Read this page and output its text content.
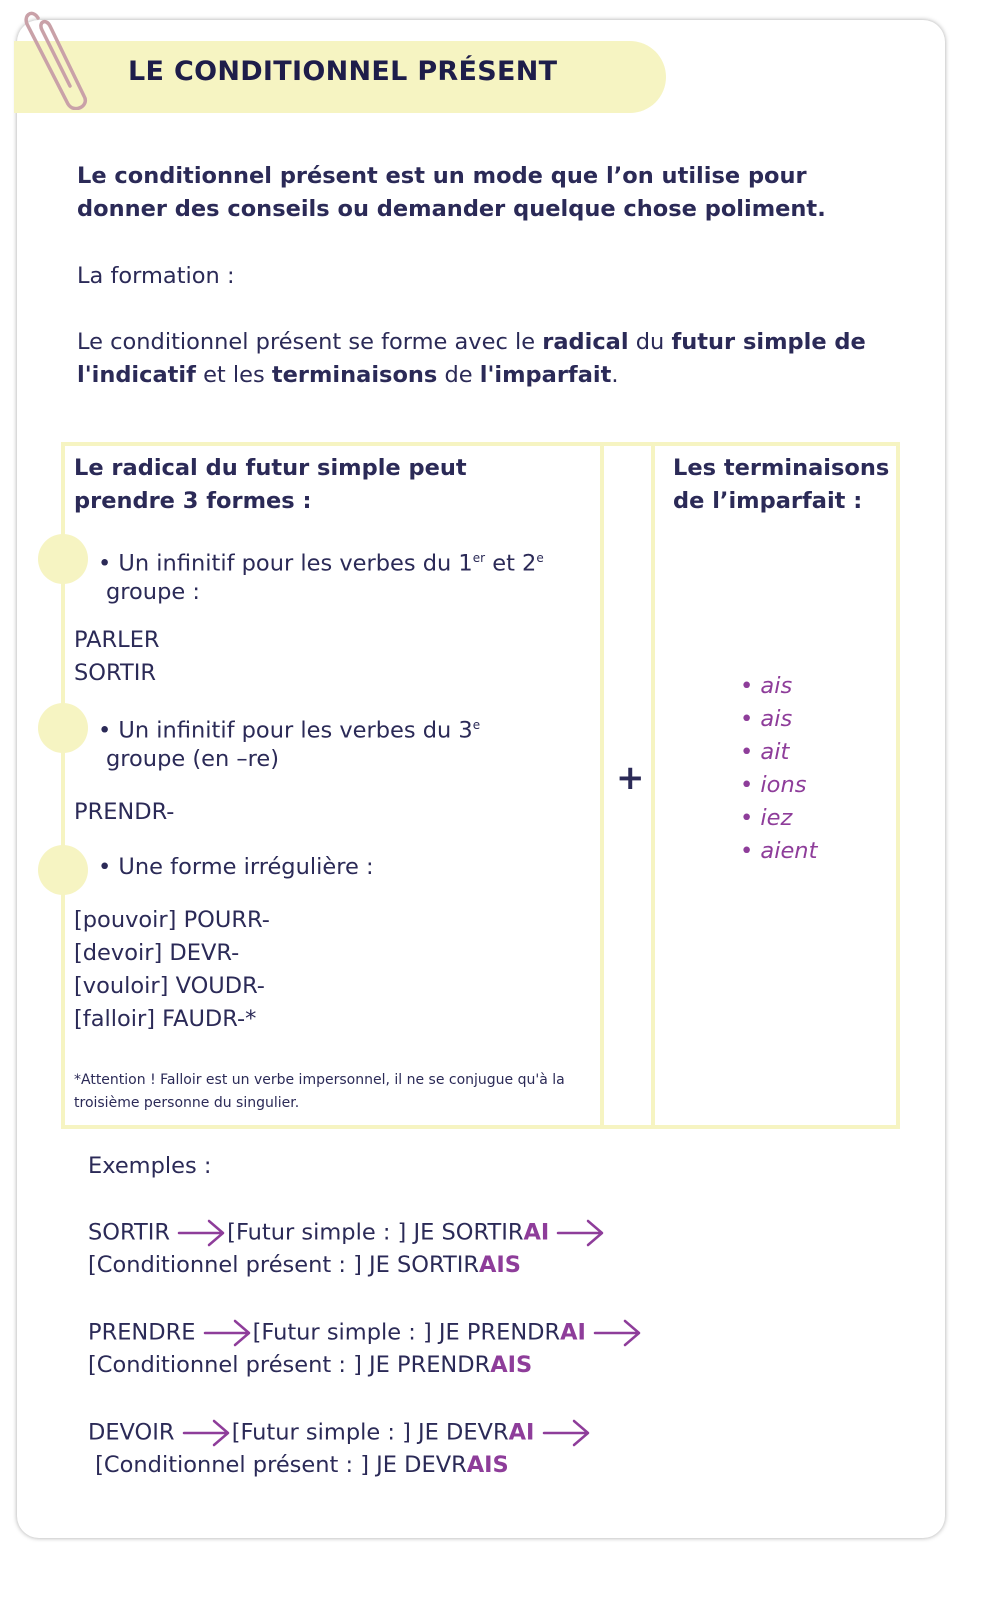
LE CONDITIONNEL PRÉSENT
Le conditionnel présent est un mode que l’on utilise pour donner des conseils ou demander quelque chose poliment.
La formation :
Le conditionnel présent se forme avec le radical du futur simple de l'indicatif et les terminaisons de l'imparfait.
Le radical du futur simple peut prendre 3 formes :
• Un infinitif pour les verbes du 1er et 2e
groupe :
PARLER
SORTIR
• Un infinitif pour les verbes du 3e
groupe (en –re)
PRENDR-
• Une forme irrégulière :
[pouvoir] POURR-
[devoir] DEVR-
[vouloir] VOUDR-
[falloir] FAUDR-*
*Attention ! Falloir est un verbe impersonnel, il ne se conjugue qu'à la troisième personne du singulier.
+
Les terminaisons de l’imparfait :
• ais
• ais
• ait
• ions
• iez
• aient
Exemples :
SORTIR	[Futur simple : ] JE SORTIRAI
[Conditionnel présent : ] JE SORTIRAIS
PRENDRE	[Futur simple : ] JE PRENDRAI
[Conditionnel présent : ] JE PRENDRAIS
DEVOIR	[Futur simple : ] JE DEVRAI
[Conditionnel présent : ] JE DEVRAIS
